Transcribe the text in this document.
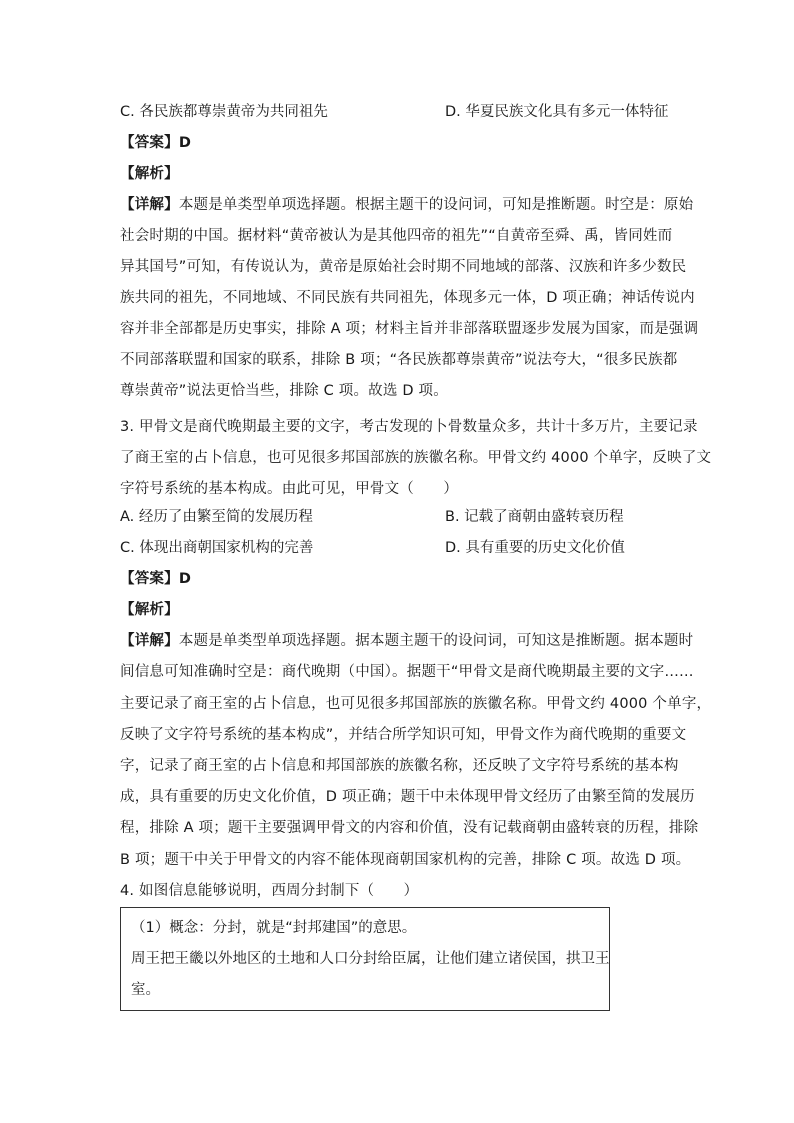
C. 各民族都尊崇黄帝为共同祖先	D. 华夏民族文化具有多元一体特征
【答案】D
【解析】
【详解】本题是单类型单项选择题。根据主题干的设问词，可知是推断题。时空是：原始
社会时期的中国。据材料“黄帝被认为是其他四帝的祖先”“自黄帝至舜、禹，皆同姓而
异其国号”可知，有传说认为，黄帝是原始社会时期不同地域的部落、汉族和许多少数民
族共同的祖先，不同地域、不同民族有共同祖先，体现多元一体，D 项正确；神话传说内
容并非全部都是历史事实，排除 A 项；材料主旨并非部落联盟逐步发展为国家，而是强调
不同部落联盟和国家的联系，排除 B 项；“各民族都尊崇黄帝”说法夸大，“很多民族都
尊崇黄帝”说法更恰当些，排除 C 项。故选 D 项。
3. 甲骨文是商代晚期最主要的文字，考古发现的卜骨数量众多，共计十多万片，主要记录
了商王室的占卜信息，也可见很多邦国部族的族徽名称。甲骨文约 4000 个单字，反映了文
字符号系统的基本构成。由此可见，甲骨文（　　）
A. 经历了由繁至简的发展历程	B. 记载了商朝由盛转衰历程
C. 体现出商朝国家机构的完善	D. 具有重要的历史文化价值
【答案】D
【解析】
【详解】本题是单类型单项选择题。据本题主题干的设问词，可知这是推断题。据本题时
间信息可知准确时空是：商代晚期（中国）。据题干“甲骨文是商代晚期最主要的文字……
主要记录了商王室的占卜信息，也可见很多邦国部族的族徽名称。甲骨文约 4000 个单字，
反映了文字符号系统的基本构成”，并结合所学知识可知，甲骨文作为商代晚期的重要文
字，记录了商王室的占卜信息和邦国部族的族徽名称，还反映了文字符号系统的基本构
成，具有重要的历史文化价值，D 项正确；题干中未体现甲骨文经历了由繁至简的发展历
程，排除 A 项；题干主要强调甲骨文的内容和价值，没有记载商朝由盛转衰的历程，排除
B 项；题干中关于甲骨文的内容不能体现商朝国家机构的完善，排除 C 项。故选 D 项。
4. 如图信息能够说明，西周分封制下（　　）
（1）概念：分封，就是“封邦建国”的意思。
周王把王畿以外地区的土地和人口分封给臣属，让他们建立诸侯国，拱卫王
室。
